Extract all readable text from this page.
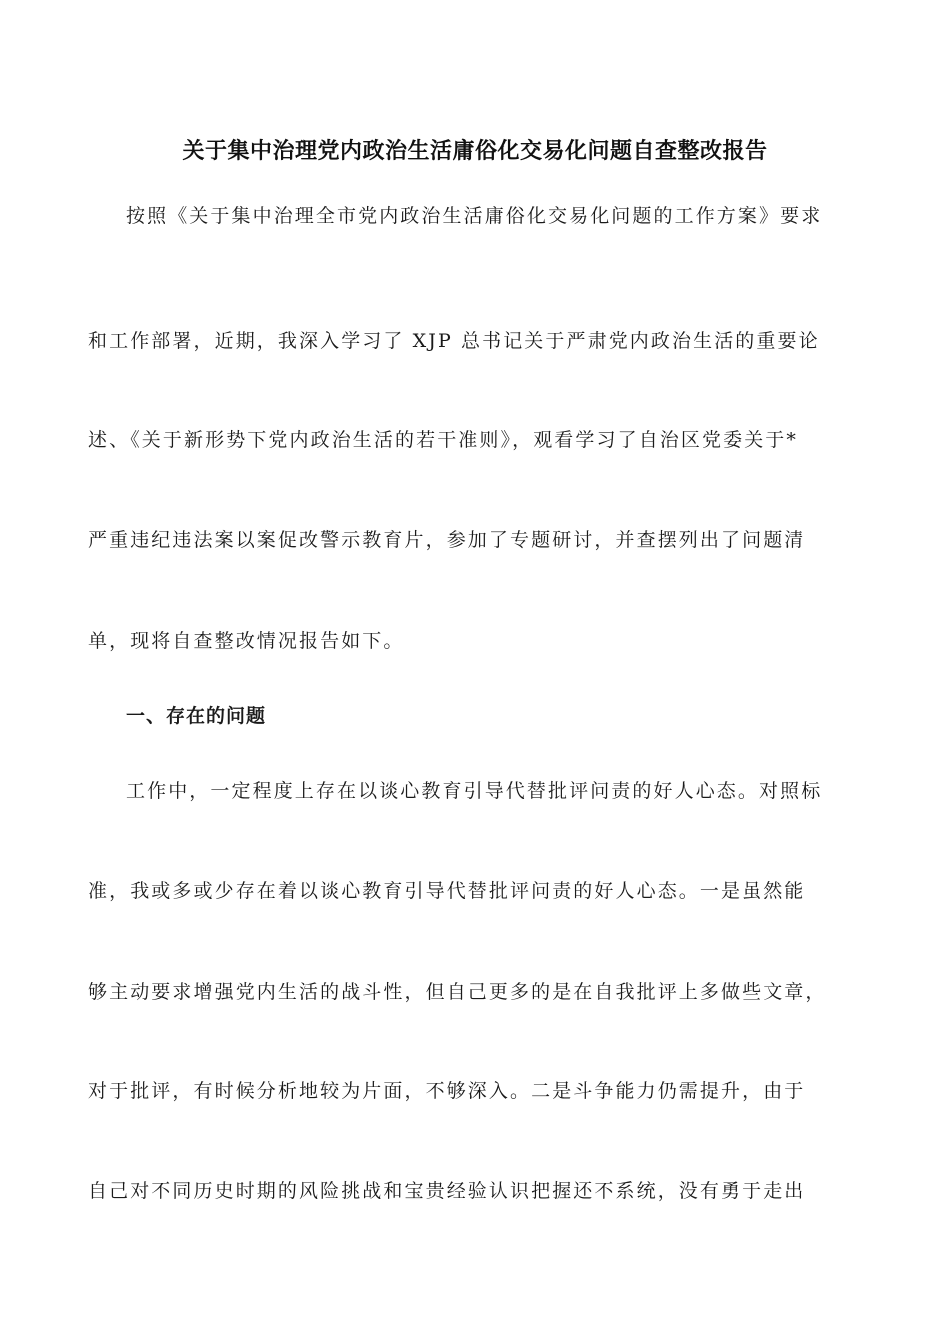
关于集中治理党内政治生活庸俗化交易化问题自查整改报告
按照《关于集中治理全市党内政治生活庸俗化交易化问题的工作方案》要求
和工作部署，近期，我深入学习了 XJP 总书记关于严肃党内政治生活的重要论
述、《关于新形势下党内政治生活的若干准则》，观看学习了自治区党委关于*
严重违纪违法案以案促改警示教育片，参加了专题研讨，并查摆列出了问题清
单，现将自查整改情况报告如下。
一、存在的问题
工作中，一定程度上存在以谈心教育引导代替批评问责的好人心态。对照标
准，我或多或少存在着以谈心教育引导代替批评问责的好人心态。一是虽然能
够主动要求增强党内生活的战斗性，但自己更多的是在自我批评上多做些文章，
对于批评，有时候分析地较为片面，不够深入。二是斗争能力仍需提升，由于
自己对不同历史时期的风险挑战和宝贵经验认识把握还不系统，没有勇于走出
